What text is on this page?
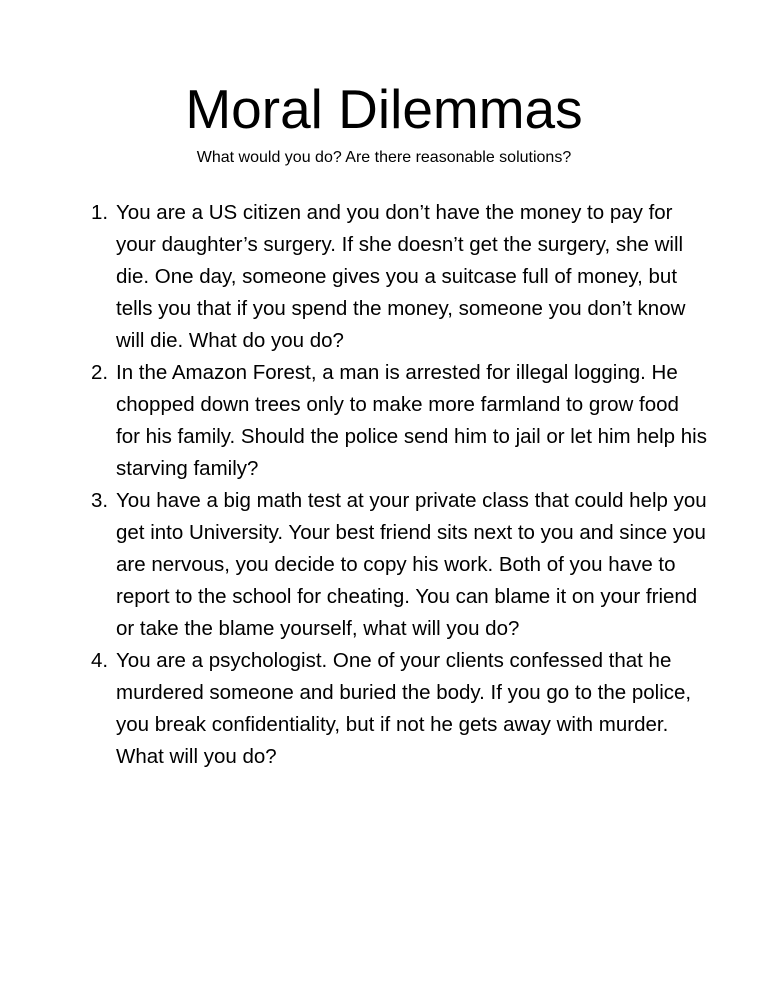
Moral Dilemmas

What would you do? Are there reasonable solutions?

1. You are a US citizen and you don’t have the money to pay for your daughter’s surgery. If she doesn’t get the surgery, she will die. One day, someone gives you a suitcase full of money, but tells you that if you spend the money, someone you don’t know will die. What do you do?
2. In the Amazon Forest, a man is arrested for illegal logging. He chopped down trees only to make more farmland to grow food for his family. Should the police send him to jail or let him help his starving family?
3. You have a big math test at your private class that could help you get into University. Your best friend sits next to you and since you are nervous, you decide to copy his work. Both of you have to report to the school for cheating. You can blame it on your friend or take the blame yourself, what will you do?
4. You are a psychologist. One of your clients confessed that he murdered someone and buried the body. If you go to the police, you break confidentiality, but if not he gets away with murder. What will you do?
